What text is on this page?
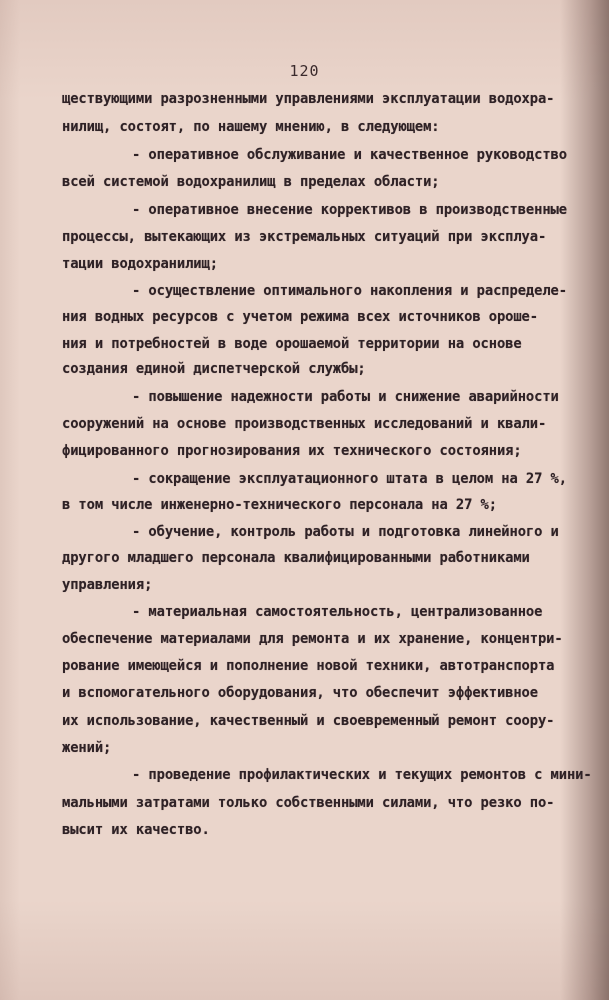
120
ществующими разрозненными управлениями эксплуатации водохра-
нилищ, состоят, по нашему мнению, в следующем:
- оперативное обслуживание и качественное руководство
всей системой водохранилищ в пределах области;
- оперативное внесение коррективов в производственные
процессы, вытекающих из экстремальных ситуаций при эксплуа-
тации водохранилищ;
- осуществление оптимального накопления и распределе-
ния водных ресурсов с учетом режима всех источников ороше-
ния и потребностей в воде орошаемой территории на основе
создания единой диспетчерской службы;
- повышение надежности работы и снижение аварийности
сооружений на основе производственных исследований и квали-
фицированного прогнозирования их технического состояния;
- сокращение эксплуатационного штата в целом на 27 %,
в том числе инженерно-технического персонала на 27 %;
- обучение, контроль работы и подготовка линейного и
другого младшего персонала квалифицированными работниками
управления;
- материальная самостоятельность, централизованное
обеспечение материалами для ремонта и их хранение, концентри-
рование имеющейся и пополнение новой техники, автотранспорта
и вспомогательного оборудования, что обеспечит эффективное
их использование, качественный и своевременный ремонт соору-
жений;
- проведение профилактических и текущих ремонтов с мини-
мальными затратами только собственными силами, что резко по-
высит их качество.
